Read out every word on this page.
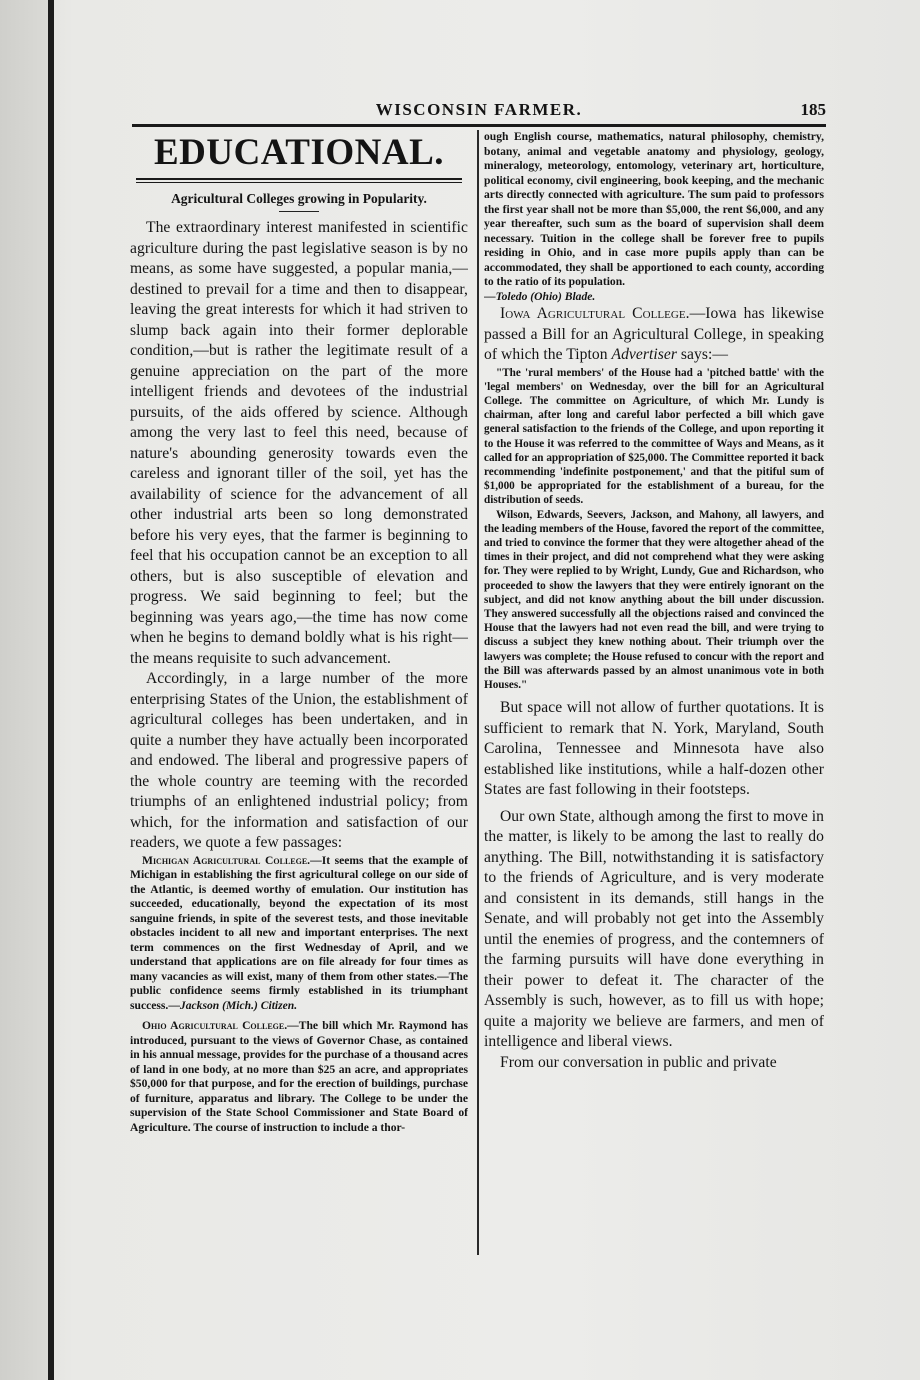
WISCONSIN FARMER.	185
EDUCATIONAL.
Agricultural Colleges growing in Popularity.

The extraordinary interest manifested in scientific agriculture during the past legislative season is by no means, as some have suggested, a popular mania,—destined to prevail for a time and then to disappear, leaving the great interests for which it had striven to slump back again into their former deplorable condition,—but is rather the legitimate result of a genuine appreciation on the part of the more intelligent friends and devotees of the industrial pursuits, of the aids offered by science. Although among the very last to feel this need, because of nature's abounding generosity towards even the careless and ignorant tiller of the soil, yet has the availability of science for the advancement of all other industrial arts been so long demonstrated before his very eyes, that the farmer is beginning to feel that his occupation cannot be an exception to all others, but is also susceptible of elevation and progress. We said beginning to feel; but the beginning was years ago,—the time has now come when he begins to demand boldly what is his right—the means requisite to such advancement.

Accordingly, in a large number of the more enterprising States of the Union, the establishment of agricultural colleges has been undertaken, and in quite a number they have actually been incorporated and endowed. The liberal and progressive papers of the whole country are teeming with the recorded triumphs of an enlightened industrial policy; from which, for the information and satisfaction of our readers, we quote a few passages:

Michigan Agricultural College.—It seems that the example of Michigan in establishing the first agricultural college on our side of the Atlantic, is deemed worthy of emulation. Our institution has succeeded, educationally, beyond the expectation of its most sanguine friends, in spite of the severest tests, and those inevitable obstacles incident to all new and important enterprises. The next term commences on the first Wednesday of April, and we understand that applications are on file already for four times as many vacancies as will exist, many of them from other states.—The public confidence seems firmly established in its triumphant success.—Jackson (Mich.) Citizen.

Ohio Agricultural College.—The bill which Mr. Raymond has introduced, pursuant to the views of Governor Chase, as contained in his annual message, provides for the purchase of a thousand acres of land in one body, at no more than $25 an acre, and appropriates $50,000 for that purpose, and for the erection of buildings, purchase of furniture, apparatus and library. The College to be under the supervision of the State School Commissioner and State Board of Agriculture. The course of instruction to include a thor-

ough English course, mathematics, natural philosophy, chemistry, botany, animal and vegetable anatomy and physiology, geology, mineralogy, meteorology, entomology, veterinary art, horticulture, political economy, civil engineering, book keeping, and the mechanic arts directly connected with agriculture. The sum paid to professors the first year shall not be more than $5,000, the rent $6,000, and any year thereafter, such sum as the board of supervision shall deem necessary. Tuition in the college shall be forever free to pupils residing in Ohio, and in case more pupils apply than can be accommodated, they shall be apportioned to each county, according to the ratio of its population.

—Toledo (Ohio) Blade.

Iowa Agricultural College.—Iowa has likewise passed a Bill for an Agricultural College, in speaking of which the Tipton Advertiser says:—

"The 'rural members' of the House had a 'pitched battle' with the 'legal members' on Wednesday, over the bill for an Agricultural College. The committee on Agriculture, of which Mr. Lundy is chairman, after long and careful labor perfected a bill which gave general satisfaction to the friends of the College, and upon reporting it to the House it was referred to the committee of Ways and Means, as it called for an appropriation of $25,000. The Committee reported it back recommending 'indefinite postponement,' and that the pitiful sum of $1,000 be appropriated for the establishment of a bureau, for the distribution of seeds.

Wilson, Edwards, Seevers, Jackson, and Mahony, all lawyers, and the leading members of the House, favored the report of the committee, and tried to convince the former that they were altogether ahead of the times in their project, and did not comprehend what they were asking for. They were replied to by Wright, Lundy, Gue and Richardson, who proceeded to show the lawyers that they were entirely ignorant on the subject, and did not know anything about the bill under discussion. They answered successfully all the objections raised and convinced the House that the lawyers had not even read the bill, and were trying to discuss a subject they knew nothing about. Their triumph over the lawyers was complete; the House refused to concur with the report and the Bill was afterwards passed by an almost unanimous vote in both Houses."

But space will not allow of further quotations. It is sufficient to remark that N. York, Maryland, South Carolina, Tennessee and Minnesota have also established like institutions, while a half-dozen other States are fast following in their footsteps.

Our own State, although among the first to move in the matter, is likely to be among the last to really do anything. The Bill, notwithstanding it is satisfactory to the friends of Agriculture, and is very moderate and consistent in its demands, still hangs in the Senate, and will probably not get into the Assembly until the enemies of progress, and the contemners of the farming pursuits will have done everything in their power to defeat it. The character of the Assembly is such, however, as to fill us with hope; quite a majority we believe are farmers, and men of intelligence and liberal views.

From our conversation in public and private
